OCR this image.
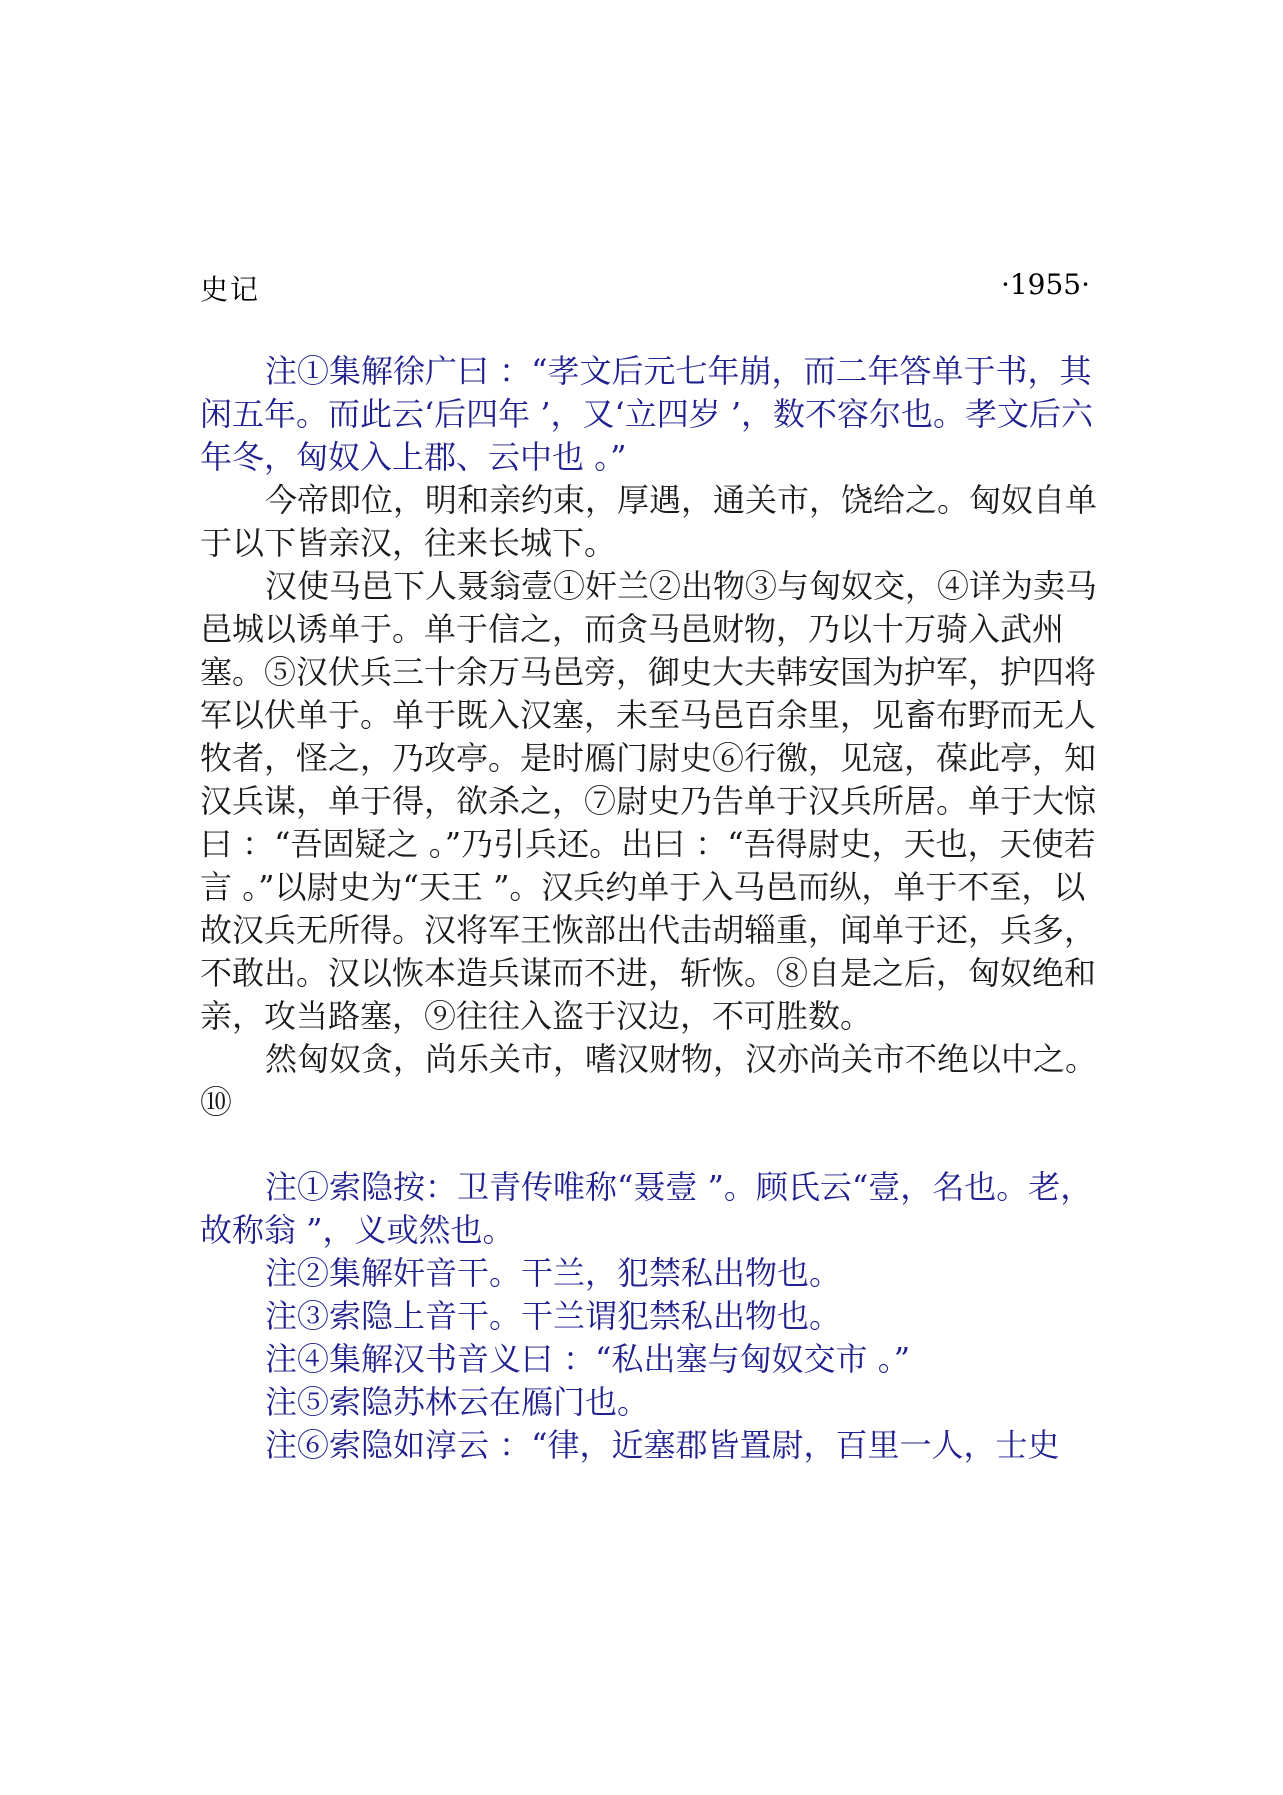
史记	·1955·

注①集解徐广曰 ：“孝文后元七年崩，而二年答单于书，其闲五年。而此云‘后四年 ’，又‘立四岁 ’，数不容尔也。孝文后六年冬，匈奴入上郡、云中也 。”

今帝即位，明和亲约束，厚遇，通关市，饶给之。匈奴自单于以下皆亲汉，往来长城下。

汉使马邑下人聂翁壹①奸兰②出物③与匈奴交，④详为卖马邑城以诱单于。单于信之，而贪马邑财物，乃以十万骑入武州塞。⑤汉伏兵三十余万马邑旁，御史大夫韩安国为护军，护四将军以伏单于。单于既入汉塞，未至马邑百余里，见畜布野而无人牧者，怪之，乃攻亭。是时鴈门尉史⑥行徼，见寇，葆此亭，知汉兵谋，单于得，欲杀之，⑦尉史乃告单于汉兵所居。单于大惊曰 ：“吾固疑之 。”乃引兵还。出曰 ：“吾得尉史，天也，天使若言 。”以尉史为“天王 ”。汉兵约单于入马邑而纵，单于不至，以故汉兵无所得。汉将军王恢部出代击胡辎重，闻单于还，兵多，不敢出。汉以恢本造兵谋而不进，斩恢。⑧自是之后，匈奴绝和亲，攻当路塞，⑨往往入盗于汉边，不可胜数。

然匈奴贪，尚乐关市，嗜汉财物，汉亦尚关市不绝以中之。⑩

注①索隐按：卫青传唯称“聂壹 ”。顾氏云“壹，名也。老，故称翁 ”，义或然也。

注②集解奸音干。干兰，犯禁私出物也。

注③索隐上音干。干兰谓犯禁私出物也。

注④集解汉书音义曰 ：“私出塞与匈奴交市 。”

注⑤索隐苏林云在鴈门也。

注⑥索隐如淳云 ：“律，近塞郡皆置尉，百里一人，士史
